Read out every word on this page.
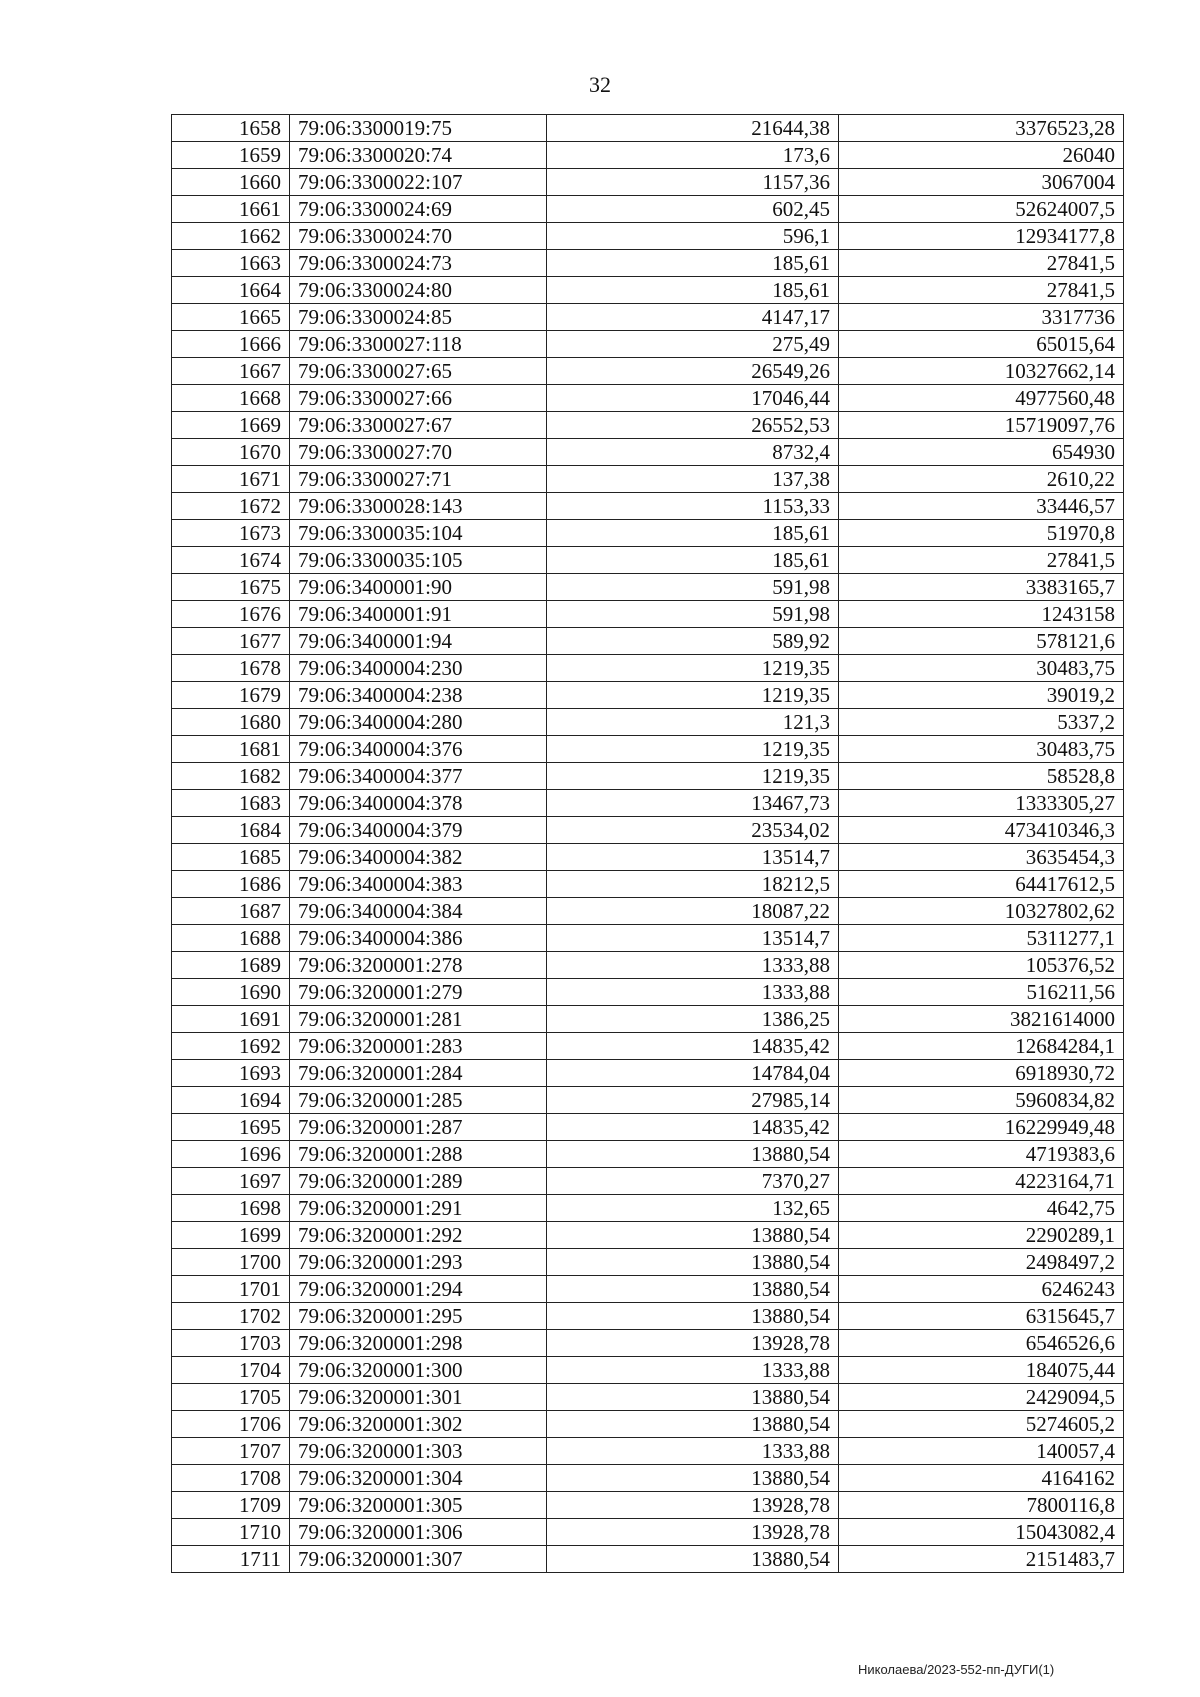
32
1658	79:06:3300019:75	21644,38	3376523,28
1659	79:06:3300020:74	173,6	26040
1660	79:06:3300022:107	1157,36	3067004
1661	79:06:3300024:69	602,45	52624007,5
1662	79:06:3300024:70	596,1	12934177,8
1663	79:06:3300024:73	185,61	27841,5
1664	79:06:3300024:80	185,61	27841,5
1665	79:06:3300024:85	4147,17	3317736
1666	79:06:3300027:118	275,49	65015,64
1667	79:06:3300027:65	26549,26	10327662,14
1668	79:06:3300027:66	17046,44	4977560,48
1669	79:06:3300027:67	26552,53	15719097,76
1670	79:06:3300027:70	8732,4	654930
1671	79:06:3300027:71	137,38	2610,22
1672	79:06:3300028:143	1153,33	33446,57
1673	79:06:3300035:104	185,61	51970,8
1674	79:06:3300035:105	185,61	27841,5
1675	79:06:3400001:90	591,98	3383165,7
1676	79:06:3400001:91	591,98	1243158
1677	79:06:3400001:94	589,92	578121,6
1678	79:06:3400004:230	1219,35	30483,75
1679	79:06:3400004:238	1219,35	39019,2
1680	79:06:3400004:280	121,3	5337,2
1681	79:06:3400004:376	1219,35	30483,75
1682	79:06:3400004:377	1219,35	58528,8
1683	79:06:3400004:378	13467,73	1333305,27
1684	79:06:3400004:379	23534,02	473410346,3
1685	79:06:3400004:382	13514,7	3635454,3
1686	79:06:3400004:383	18212,5	64417612,5
1687	79:06:3400004:384	18087,22	10327802,62
1688	79:06:3400004:386	13514,7	5311277,1
1689	79:06:3200001:278	1333,88	105376,52
1690	79:06:3200001:279	1333,88	516211,56
1691	79:06:3200001:281	1386,25	3821614000
1692	79:06:3200001:283	14835,42	12684284,1
1693	79:06:3200001:284	14784,04	6918930,72
1694	79:06:3200001:285	27985,14	5960834,82
1695	79:06:3200001:287	14835,42	16229949,48
1696	79:06:3200001:288	13880,54	4719383,6
1697	79:06:3200001:289	7370,27	4223164,71
1698	79:06:3200001:291	132,65	4642,75
1699	79:06:3200001:292	13880,54	2290289,1
1700	79:06:3200001:293	13880,54	2498497,2
1701	79:06:3200001:294	13880,54	6246243
1702	79:06:3200001:295	13880,54	6315645,7
1703	79:06:3200001:298	13928,78	6546526,6
1704	79:06:3200001:300	1333,88	184075,44
1705	79:06:3200001:301	13880,54	2429094,5
1706	79:06:3200001:302	13880,54	5274605,2
1707	79:06:3200001:303	1333,88	140057,4
1708	79:06:3200001:304	13880,54	4164162
1709	79:06:3200001:305	13928,78	7800116,8
1710	79:06:3200001:306	13928,78	15043082,4
1711	79:06:3200001:307	13880,54	2151483,7
Николаева/2023-552-пп-ДУГИ(1)
